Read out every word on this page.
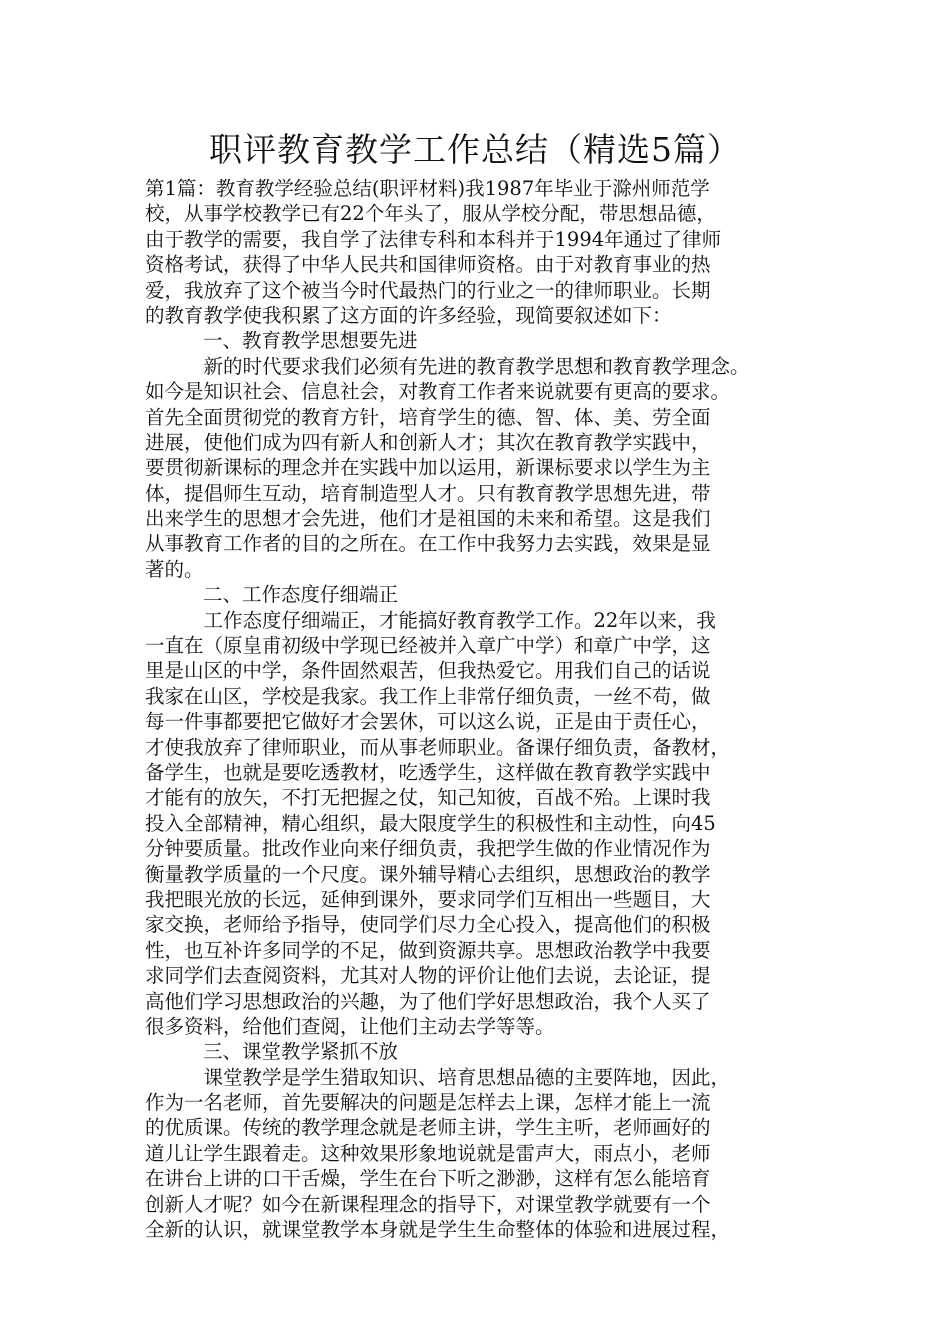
职评教育教学工作总结（精选5篇）
第1篇：教育教学经验总结(职评材料)我1987年毕业于滁州师范学
校，从事学校教学已有22个年头了，服从学校分配，带思想品德，
由于教学的需要，我自学了法律专科和本科并于1994年通过了律师
资格考试，获得了中华人民共和国律师资格。由于对教育事业的热
爱，我放弃了这个被当今时代最热门的行业之一的律师职业。长期
的教育教学使我积累了这方面的许多经验，现简要叙述如下：
一、教育教学思想要先进
　　　新的时代要求我们必须有先进的教育教学思想和教育教学理念。
如今是知识社会、信息社会，对教育工作者来说就要有更高的要求。
首先全面贯彻党的教育方针，培育学生的德、智、体、美、劳全面
进展，使他们成为四有新人和创新人才；其次在教育教学实践中，
要贯彻新课标的理念并在实践中加以运用，新课标要求以学生为主
体，提倡师生互动，培育制造型人才。只有教育教学思想先进，带
出来学生的思想才会先进，他们才是祖国的未来和希望。这是我们
从事教育工作者的目的之所在。在工作中我努力去实践，效果是显
著的。
二、工作态度仔细端正
　　　工作态度仔细端正，才能搞好教育教学工作。22年以来，我
一直在（原皇甫初级中学现已经被并入章广中学）和章广中学，这
里是山区的中学，条件固然艰苦，但我热爱它。用我们自己的话说
我家在山区，学校是我家。我工作上非常仔细负责，一丝不苟，做
每一件事都要把它做好才会罢休，可以这么说，正是由于责任心，
才使我放弃了律师职业，而从事老师职业。备课仔细负责，备教材，
备学生，也就是要吃透教材，吃透学生，这样做在教育教学实践中
才能有的放矢，不打无把握之仗，知己知彼，百战不殆。上课时我
投入全部精神，精心组织，最大限度学生的积极性和主动性，向45
分钟要质量。批改作业向来仔细负责，我把学生做的作业情况作为
衡量教学质量的一个尺度。课外辅导精心去组织，思想政治的教学
我把眼光放的长远，延伸到课外，要求同学们互相出一些题目，大
家交换，老师给予指导，使同学们尽力全心投入，提高他们的积极
性，也互补许多同学的不足，做到资源共享。思想政治教学中我要
求同学们去查阅资料，尤其对人物的评价让他们去说，去论证，提
高他们学习思想政治的兴趣，为了他们学好思想政治，我个人买了
很多资料，给他们查阅，让他们主动去学等等。
三、课堂教学紧抓不放
　　　课堂教学是学生猎取知识、培育思想品德的主要阵地，因此，
作为一名老师，首先要解决的问题是怎样去上课，怎样才能上一流
的优质课。传统的教学理念就是老师主讲，学生主听，老师画好的
道儿让学生跟着走。这种效果形象地说就是雷声大，雨点小，老师
在讲台上讲的口干舌燥，学生在台下听之渺渺，这样有怎么能培育
创新人才呢？如今在新课程理念的指导下，对课堂教学就要有一个
全新的认识，就课堂教学本身就是学生生命整体的体验和进展过程，
